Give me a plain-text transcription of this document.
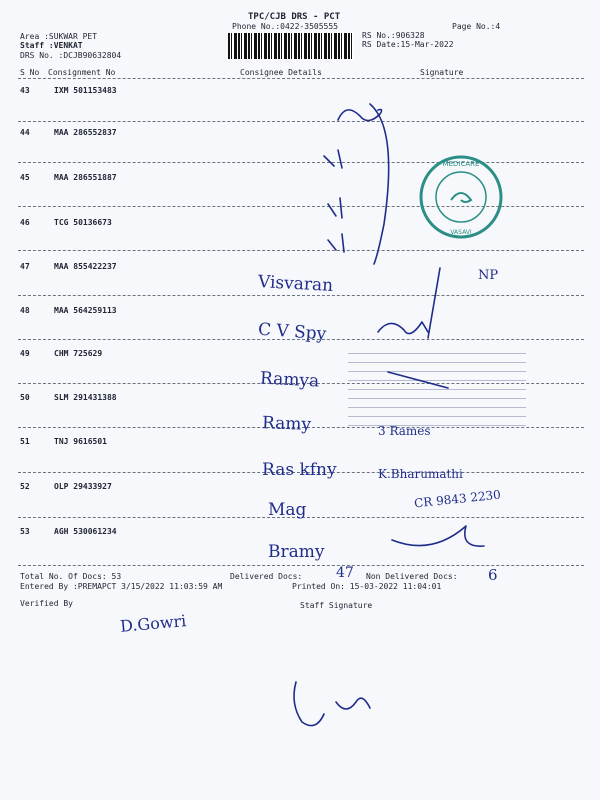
TPC/CJB DRS - PCT
Phone No.:0422-3505555	Page No.:4
Area :SUKWAR PET
Staff :VENKAT
DRS No. :DCJB90632804
RS No.:906328
RS Date:15-Mar-2022
S No Consignment No	Consignee Details	Signature
43	IXM 501153483
44	MAA 286552837
45	MAA 286551887
46	TCG 50136673
47	MAA 855422237
48	MAA 564259113
49	CHM 725629
50	SLM 291431388
51	TNJ 9616501
52	OLP 29433927
53	AGH 530061234
Total No. Of Docs: 53	Delivered Docs:	Non Delivered Docs:
Entered By :PREMAPCT 3/15/2022 11:03:59 AM	Printed On: 15-03-2022 11:04:01
Verified By	Staff Signature
Visvaran	NP
C V Spy
Ramya
Ramy	3 Rames
Ras kfny	K.Bharumathi
Mag	CR 9843 2230
Bramy
47	6
D.Gowri
MEDICARE
VASAVI
